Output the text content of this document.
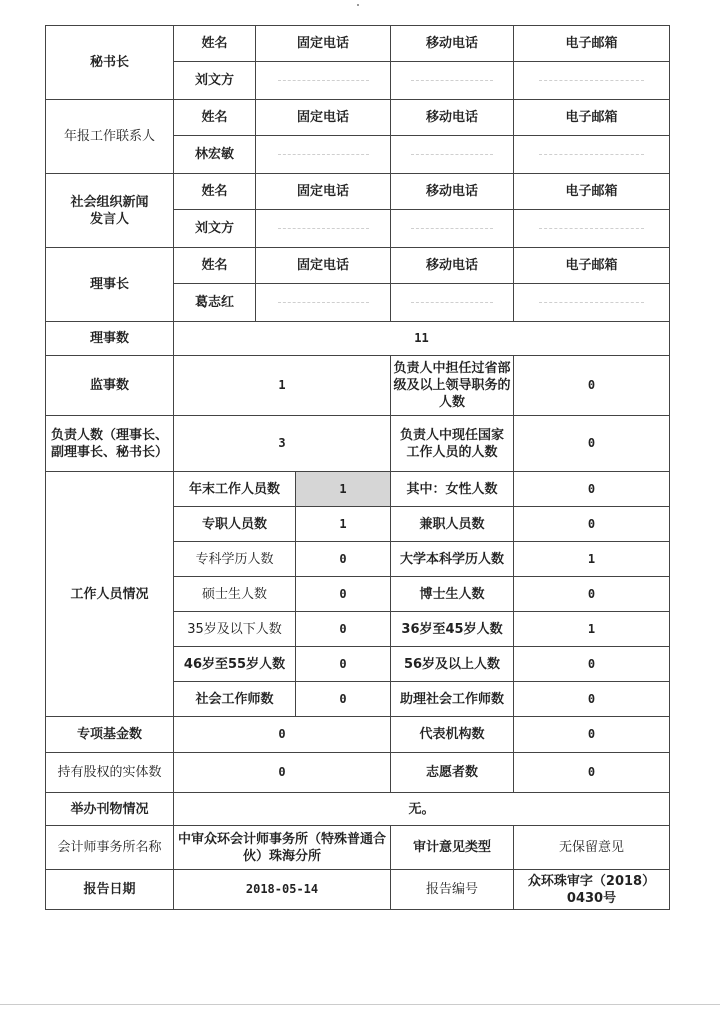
秘书长	姓名	固定电话		移动电话	电子邮箱
	刘文方				
年报工作联系人	姓名	固定电话		移动电话	电子邮箱
	林宏敏				
社会组织新闻发言人	姓名	固定电话		移动电话	电子邮箱
	刘文方				
理事长	姓名	固定电话		移动电话	电子邮箱
	葛志红				
理事数	11				
监事数	1			负责人中担任过省部级及以上领导职务的人数	0
负责人数（理事长、副理事长、秘书长）	3			负责人中现任国家工作人员的人数	0
工作人员情况	年末工作人员数		1	其中：女性人数	0
	专职人员数		1	兼职人员数	0
	专科学历人数		0	大学本科学历人数	1
	硕士生人数		0	博士生人数	0
	35岁及以下人数		0	36岁至45岁人数	1
	46岁至55岁人数		0	56岁及以上人数	0
	社会工作师数		0	助理社会工作师数	0
专项基金数	0			代表机构数	0
持有股权的实体数	0			志愿者数	0
举办刊物情况	无。				
会计师事务所名称	中审众环会计师事务所（特殊普通合伙）珠海分所			审计意见类型	无保留意见
报告日期	2018-05-14			报告编号	众环珠审字（2018）0430号
